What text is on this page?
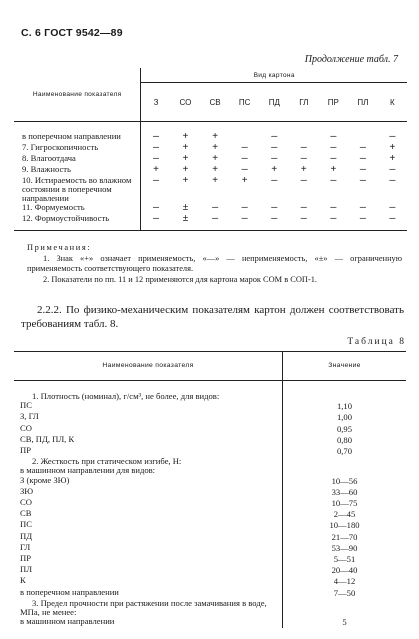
С. 6 ГОСТ 9542—89
Продолжение табл. 7
Наименование показателя	Вид картона								
	З	СО	СВ	ПС	ПД	ГЛ	ПР	ПЛ	К

в поперечном направлении	—	+	+		—		—		—
7. Гигроскопичность	—	+	+	—	—	—	—	—	+
8. Влагоотдача	—	+	+	—	—	—	—	—	+
9. Влажность	+	+	+	—	+	+	+	—	—
10. Истираемость во влажном состоянии в поперечном направлении	—	+	+	+	—	—	—	—	—
11. Формуемость	—	±	—	—	—	—	—	—	—
12. Формоустойчивость	—	±	—	—	—	—	—	—	—

Примечания:

1. Знак «+» означает применяемость, «—» — неприменяемость, «±» — ограниченную применяемость соответствующего показателя.

2. Показатели по пп. 11 и 12 применяются для картона марок СОМ в СОП-1.

2.2.2. По физико-механическим показателям картон должен соответствовать требованиям табл. 8.

Таблица 8
Наименование показателя	Значение

1. Плотность (номинал), г/см³, не более, для видов:	
ПС	1,10
З, ГЛ	1,00
СО	0,95
СВ, ПД, ПЛ, К	0,80
ПР	0,70
2. Жесткость при статическом изгибе, Н:	
в машинном направлении для видов:	
З (кроме ЗЮ)	10—56
ЗЮ	33—60
СО	10—75
СВ	2—45
ПС	10—180
ПД	21—70
ГЛ	53—90
ПР	5—51
ПЛ	20—40
К	4—12
в поперечном направлении	7—50
3. Предел прочности при растяжении после замачивания в воде, МПа, не менее:	
в машинном направлении	5
